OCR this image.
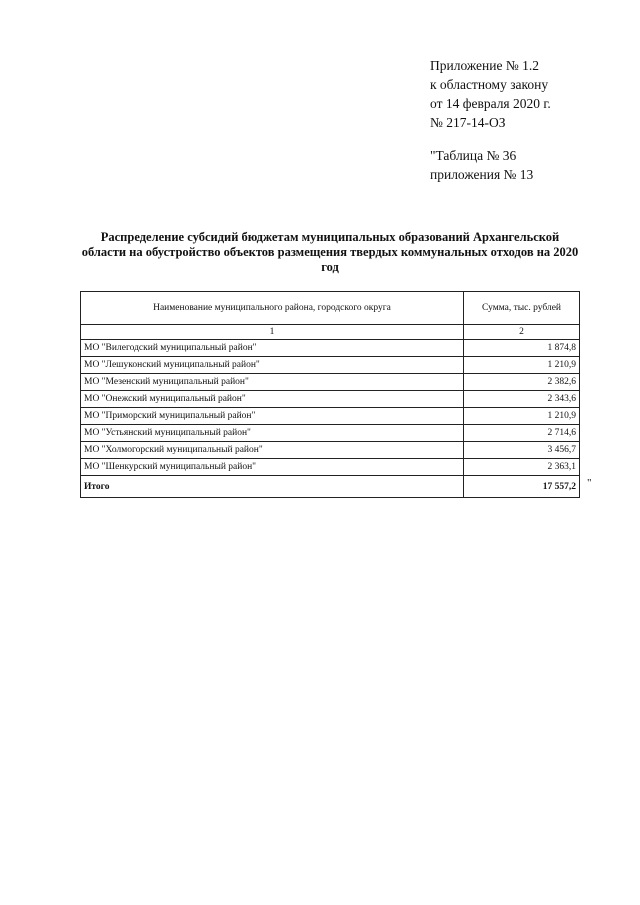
Приложение № 1.2
к областному закону
от 14 февраля 2020 г.
№ 217-14-ОЗ
"Таблица № 36
приложения № 13
Распределение субсидий бюджетам муниципальных образований Архангельской области на обустройство объектов размещения твердых коммунальных отходов на 2020 год
Наименование муниципального района, городского округа	Сумма, тыс. рублей
1	2
МО "Вилегодский муниципальный район"	1 874,8
МО "Лешуконский муниципальный район"	1 210,9
МО "Мезенский муниципальный район"	2 382,6
МО "Онежский муниципальный район"	2 343,6
МО "Приморский муниципальный район"	1 210,9
МО "Устьянский муниципальный район"	2 714,6
МО "Холмогорский муниципальный район"	3 456,7
МО "Шенкурский муниципальный район"	2 363,1
Итого	17 557,2 "
